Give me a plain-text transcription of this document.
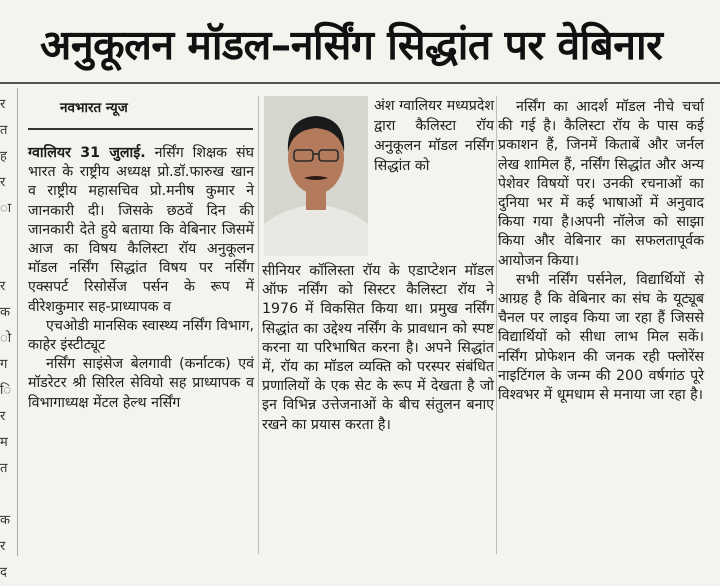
अनुकूलन मॉडल–नर्सिंग सिद्धांत पर वेबिनार
र
त
ह
र
ा
र
क
ो
ग
ि
र
म
त
क
र
द
नवभारत न्यूज

ग्वालियर 31 जुलाई. नर्सिंग शिक्षक संघ भारत के राष्ट्रीय अध्यक्ष प्रो.डॉ.फारुख खान व राष्ट्रीय महासचिव प्रो.मनीष कुमार ने जानकारी दी। जिसके छठवें दिन की जानकारी देते हुये बताया कि वेबिनार जिसमें आज का विषय कैलिस्टा रॉय अनुकूलन मॉडल नर्सिंग सिद्धांत विषय पर नर्सिंग एक्सपर्ट रिसोर्सेज पर्सन के रूप में वीरेशकुमार सह-प्राध्यापक व

एचओडी मानसिक स्वास्थ्य नर्सिंग विभाग, काहेर इंस्टीट्यूट

नर्सिंग साइंसेज बेलगावी (कर्नाटक) एवं मॉडरेटर श्री सिरिल सेवियो सह प्राध्यापक व विभागाध्यक्ष मेंटल हेल्थ नर्सिंग

अंश ग्वालियर मध्यप्रदेश द्वारा कैलिस्टा रॉय अनुकूलन मॉडल नर्सिंग सिद्धांत को

सीनियर कॉलिस्ता रॉय के एडाप्टेशन मॉडल ऑफ नर्सिंग को सिस्टर कैलिस्टा रॉय ने 1976 में विकसित किया था। प्रमुख नर्सिंग सिद्धांत का उद्देश्य नर्सिंग के प्रावधान को स्पष्ट करना या परिभाषित करना है। अपने सिद्धांत में, रॉय का मॉडल व्यक्ति को परस्पर संबंधित प्रणालियों के एक सेट के रूप में देखता है जो इन विभिन्न उत्तेजनाओं के बीच संतुलन बनाए रखने का प्रयास करता है।

नर्सिंग का आदर्श मॉडल नीचे चर्चा की गई है। कैलिस्टा रॉय के पास कई प्रकाशन हैं, जिनमें किताबें और जर्नल लेख शामिल हैं, नर्सिंग सिद्धांत और अन्य पेशेवर विषयों पर। उनकी रचनाओं का दुनिया भर में कई भाषाओं में अनुवाद किया गया है।अपनी नॉलेज को साझा किया और वेबिनार का सफलतापूर्वक आयोजन किया।

सभी नर्सिंग पर्सनेल, विद्यार्थियों से आग्रह है कि वेबिनार का संघ के यूट्यूब चैनल पर लाइव किया जा रहा हैं जिससे विद्यार्थियों को सीधा लाभ मिल सकें। नर्सिंग प्रोफेशन की जनक रही फ्लोरेंस नाइटिंगल के जन्म की 200 वर्षगांठ पूरे विश्वभर में धूमधाम से मनाया जा रहा है।
